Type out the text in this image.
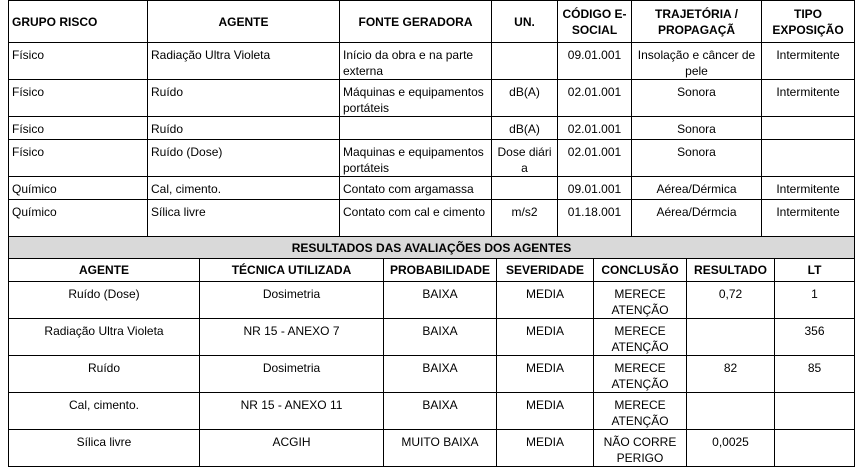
GRUPO RISCO	AGENTE	FONTE GERADORA	UN.	CÓDIGO E-SOCIAL	TRAJETÓRIA / PROPAGAÇÃ	TIPO EXPOSIÇÃO
Físico	Radiação Ultra Violeta	Início da obra e na parte externa		09.01.001	Insolação e câncer de pele	Intermitente
Físico	Ruído	Máquinas e equipamentos portáteis	dB(A)	02.01.001	Sonora	Intermitente
Físico	Ruído		dB(A)	02.01.001	Sonora	
Físico	Ruído (Dose)	Maquinas e equipamentos portáteis	Dose diári a	02.01.001	Sonora	
Químico	Cal, cimento.	Contato com argamassa		09.01.001	Aérea/Dérmica	Intermitente
Químico	Sílica livre	Contato com cal e cimento	m/s2	01.18.001	Aérea/Dérmcia	Intermitente
RESULTADOS DAS AVALIAÇÕES DOS AGENTES						
AGENTE	TÉCNICA UTILIZADA	PROBABILIDADE	SEVERIDADE	CONCLUSÃO	RESULTADO	LT
Ruído (Dose)	Dosimetria	BAIXA	MEDIA	MERECE ATENÇÃO	0,72	1
Radiação Ultra Violeta	NR 15 - ANEXO 7	BAIXA	MEDIA	MERECE ATENÇÃO		356
Ruído	Dosimetria	BAIXA	MEDIA	MERECE ATENÇÃO	82	85
Cal, cimento.	NR 15 - ANEXO 11	BAIXA	MEDIA	MERECE ATENÇÃO		
Sílica livre	ACGIH	MUITO BAIXA	MEDIA	NÃO CORRE PERIGO	0,0025	
